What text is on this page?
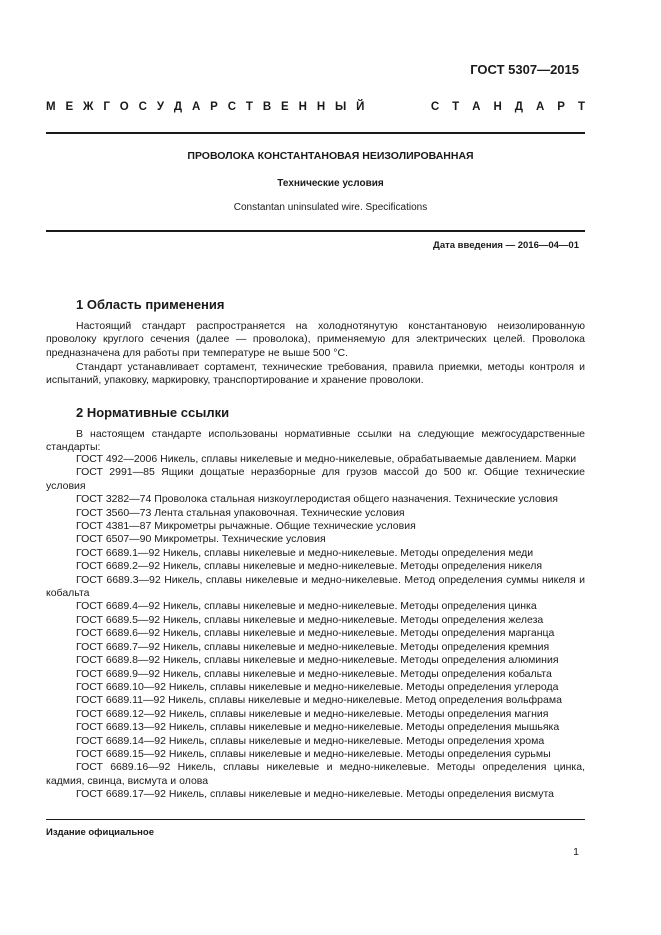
ГОСТ 5307—2015
М Е Ж Г О С У Д А Р С Т В Е Н Н Ы Й	С Т А Н Д А Р Т
ПРОВОЛОКА КОНСТАНТАНОВАЯ НЕИЗОЛИРОВАННАЯ
Технические условия
Constantan uninsulated wire. Specifications
Дата введения — 2016—04—01
1 Область применения
Настоящий стандарт распространяется на холоднотянутую константановую неизолированную проволоку круглого сечения (далее — проволока), применяемую для электрических целей. Проволока предназначена для работы при температуре не выше 500 °С.
Стандарт устанавливает сортамент, технические требования, правила приемки, методы контроля и испытаний, упаковку, маркировку, транспортирование и хранение проволоки.
2 Нормативные ссылки
В настоящем стандарте использованы нормативные ссылки на следующие межгосударственные стандарты:

ГОСТ 492—2006 Никель, сплавы никелевые и медно-никелевые, обрабатываемые давлением. Марки

ГОСТ 2991—85 Ящики дощатые неразборные для грузов массой до 500 кг. Общие технические условия

ГОСТ 3282—74 Проволока стальная низкоуглеродистая общего назначения. Технические условия

ГОСТ 3560—73 Лента стальная упаковочная. Технические условия

ГОСТ 4381—87 Микрометры рычажные. Общие технические условия

ГОСТ 6507—90 Микрометры. Технические условия

ГОСТ 6689.1—92 Никель, сплавы никелевые и медно-никелевые. Методы определения меди

ГОСТ 6689.2—92 Никель, сплавы никелевые и медно-никелевые. Методы определения никеля

ГОСТ 6689.3—92 Никель, сплавы никелевые и медно-никелевые. Метод определения суммы никеля и кобальта

ГОСТ 6689.4—92 Никель, сплавы никелевые и медно-никелевые. Методы определения цинка

ГОСТ 6689.5—92 Никель, сплавы никелевые и медно-никелевые. Методы определения железа

ГОСТ 6689.6—92 Никель, сплавы никелевые и медно-никелевые. Методы определения марганца

ГОСТ 6689.7—92 Никель, сплавы никелевые и медно-никелевые. Методы определения кремния

ГОСТ 6689.8—92 Никель, сплавы никелевые и медно-никелевые. Методы определения алюминия

ГОСТ 6689.9—92 Никель, сплавы никелевые и медно-никелевые. Методы определения кобальта

ГОСТ 6689.10—92 Никель, сплавы никелевые и медно-никелевые. Методы определения углерода

ГОСТ 6689.11—92 Никель, сплавы никелевые и медно-никелевые. Метод определения вольфрама

ГОСТ 6689.12—92 Никель, сплавы никелевые и медно-никелевые. Методы определения магния

ГОСТ 6689.13—92 Никель, сплавы никелевые и медно-никелевые. Методы определения мышьяка

ГОСТ 6689.14—92 Никель, сплавы никелевые и медно-никелевые. Методы определения хрома

ГОСТ 6689.15—92 Никель, сплавы никелевые и медно-никелевые. Методы определения сурьмы

ГОСТ 6689.16—92 Никель, сплавы никелевые и медно-никелевые. Методы определения цинка, кадмия, свинца, висмута и олова

ГОСТ 6689.17—92 Никель, сплавы никелевые и медно-никелевые. Методы определения висмута

Издание официальное
1
